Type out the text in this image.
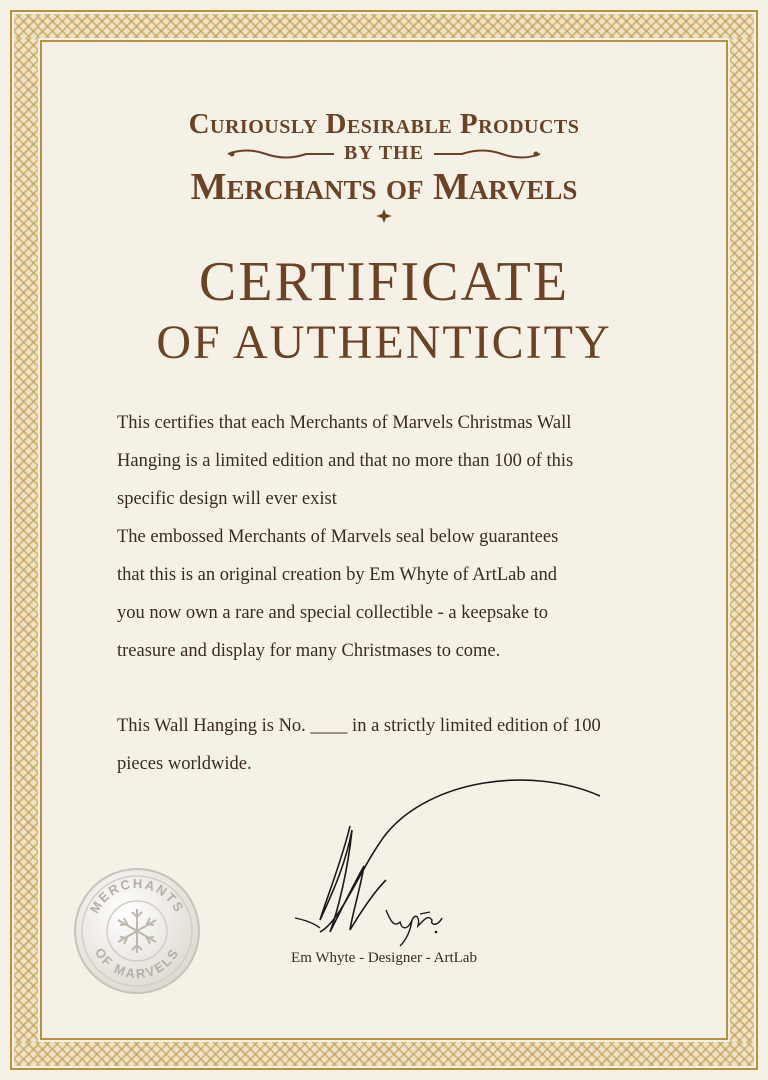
Curiously Desirable Products
BY THE
Merchants of Marvels
CERTIFICATE
OF AUTHENTICITY
This certifies that each Merchants of Marvels Christmas Wall
Hanging is a limited edition and that no more than 100 of this
specific design will ever exist
The embossed Merchants of Marvels seal below guarantees
that this is an original creation by Em Whyte of ArtLab and
you now own a rare and special collectible - a keepsake to
treasure and display for many Christmases to come.
This Wall Hanging is No. ____ in a strictly limited edition of 100
pieces worldwide.
Em Whyte - Designer - ArtLab
MERCHANTS
OF MARVELS
